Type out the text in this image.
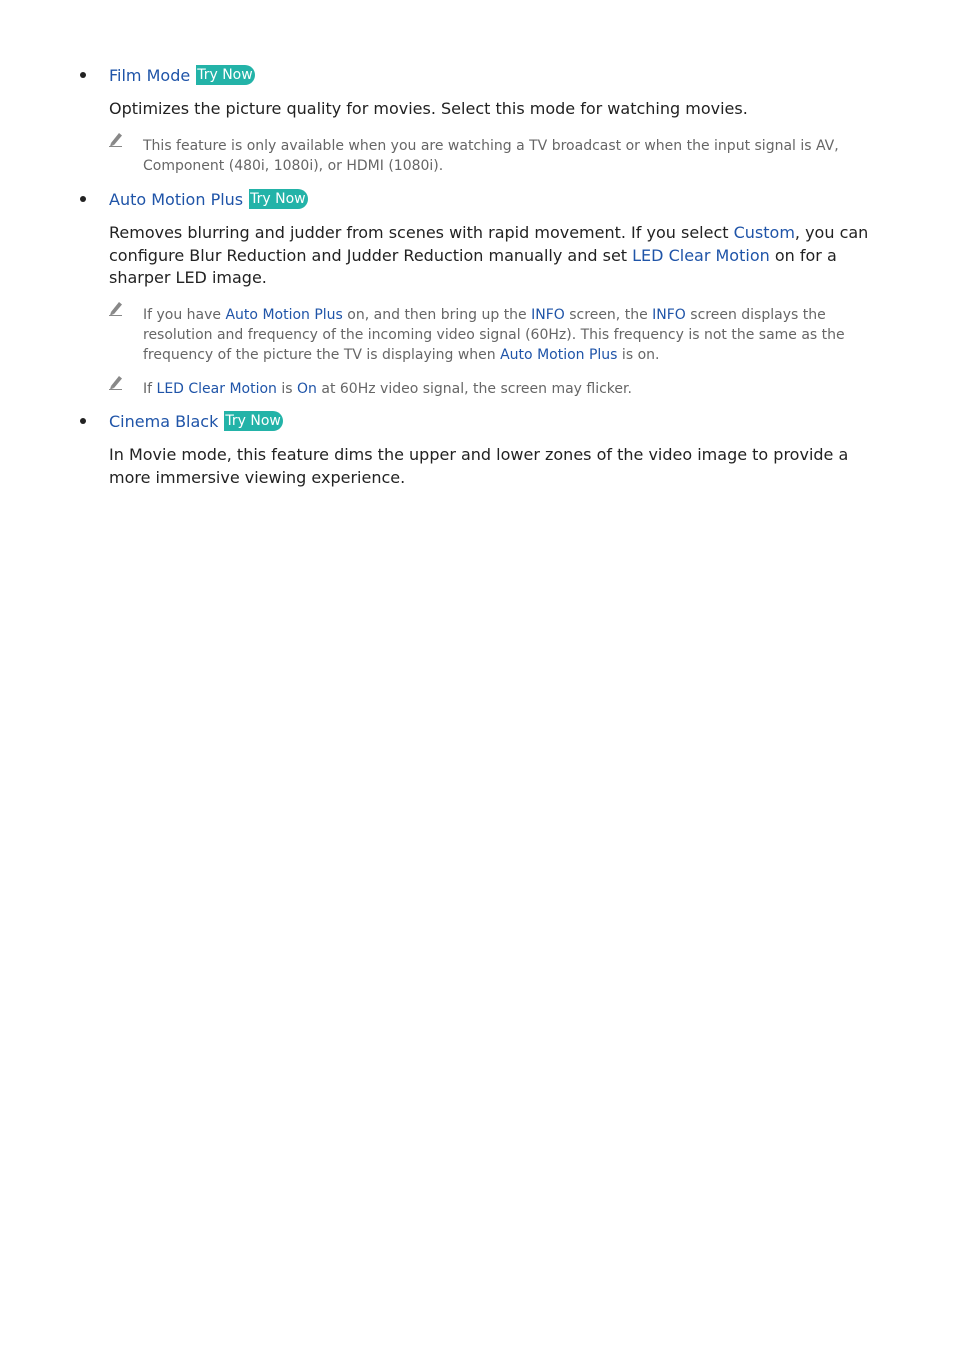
Film Mode Try Now
Optimizes the picture quality for movies. Select this mode for watching movies.
This feature is only available when you are watching a TV broadcast or when the input signal is AV, Component (480i, 1080i), or HDMI (1080i).
Auto Motion Plus Try Now
Removes blurring and judder from scenes with rapid movement. If you select Custom, you can configure Blur Reduction and Judder Reduction manually and set LED Clear Motion on for a sharper LED image.
If you have Auto Motion Plus on, and then bring up the INFO screen, the INFO screen displays the resolution and frequency of the incoming video signal (60Hz). This frequency is not the same as the frequency of the picture the TV is displaying when Auto Motion Plus is on.
If LED Clear Motion is On at 60Hz video signal, the screen may flicker.
Cinema Black Try Now
In Movie mode, this feature dims the upper and lower zones of the video image to provide a more immersive viewing experience.
